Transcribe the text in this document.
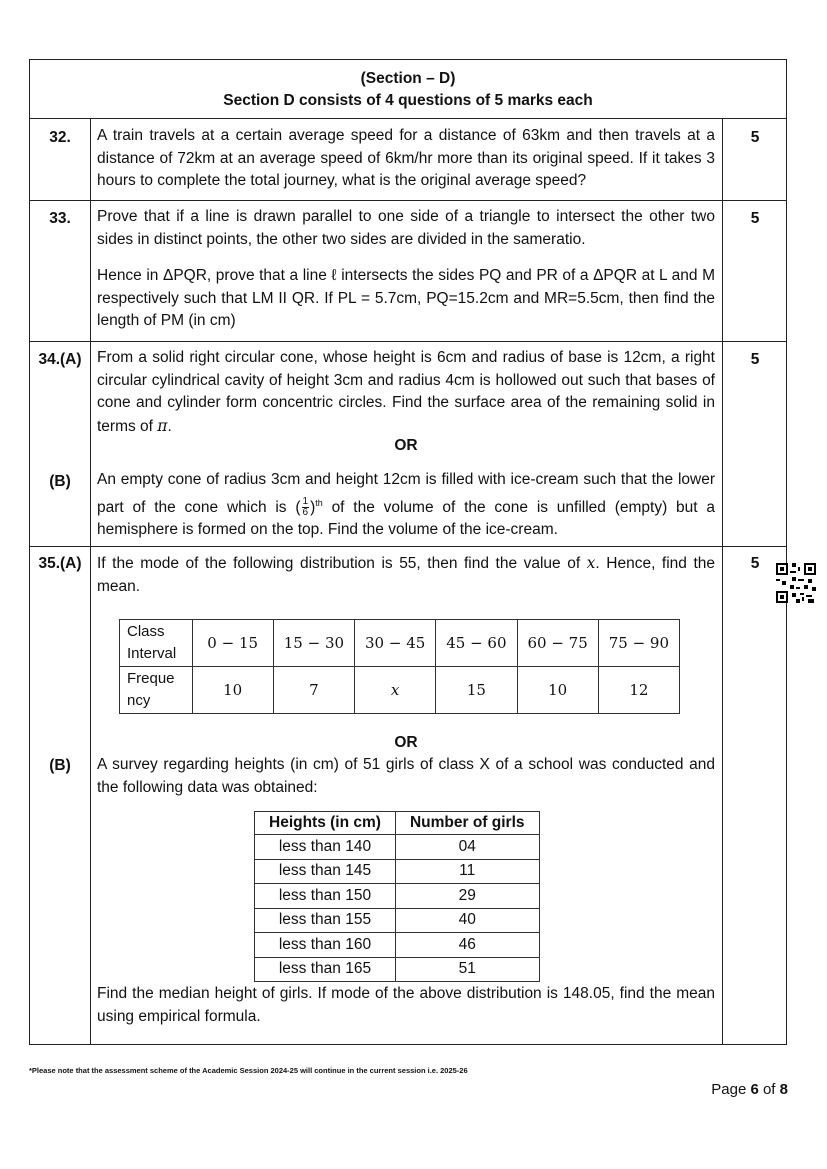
(Section – D)
Section D consists of 4 questions of 5 marks each
32.	A train travels at a certain average speed for a distance of 63km and then travels at a distance of 72km at an average speed of 6km/hr more than its original speed. If it takes 3 hours to complete the total journey, what is the original average speed?
5
33.	Prove that if a line is drawn parallel to one side of a triangle to intersect the other two sides in distinct points, the other two sides are divided in the sameratio.
Hence in ΔPQR, prove that a line ℓ intersects the sides PQ and PR of a ΔPQR at L and M respectively such that LM II QR. If PL = 5.7cm, PQ=15.2cm and MR=5.5cm, then find the length of PM (in cm)
5
34.(A) From a solid right circular cone, whose height is 6cm and radius of base is 12cm, a right circular cylindrical cavity of height 3cm and radius 4cm is hollowed out such that bases of cone and cylinder form concentric circles. Find the surface area of the remaining solid in terms of π.
OR
(B)	An empty cone of radius 3cm and height 12cm is filled with ice-cream such that the lower part of the cone which is ( $\frac{1}{6} )^{th}$ of the volume of the cone is unfilled (empty) but a hemisphere is formed on the top. Find the volume of the ice-cream.
5
35.(A) If the mode of the following distribution is 55, then find the value of x. Hence, find the mean.
5
Class Interval	0 − 15	15 − 30	30 − 45	45 − 60	60 − 75	75 − 90
Freque ncy	10	7	x	15	10	12
OR
(B)	A survey regarding heights (in cm) of 51 girls of class X of a school was conducted and the following data was obtained:
Heights (in cm)	Number of girls
less than 140	04
less than 145	11
less than 150	29
less than 155	40
less than 160	46
less than 165	51
Find the median height of girls. If mode of the above distribution is 148.05, find the mean using empirical formula.
*Please note that the assessment scheme of the Academic Session 2024-25 will continue in the current session i.e. 2025-26
Page 6 of 8
